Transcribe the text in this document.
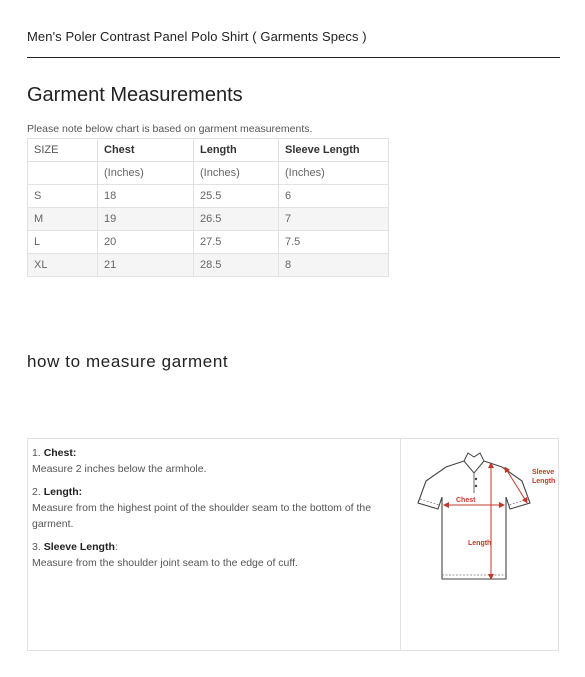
Men's Poler Contrast Panel Polo Shirt ( Garments Specs )
Garment Measurements
Please note below chart is based on garment measurements.
SIZE	Chest	Length	Sleeve Length
	(Inches)	(Inches)	(Inches)
S	18	25.5	6
M	19	26.5	7
L	20	27.5	7.5
XL	21	28.5	8
how to measure garment
1. Chest:
Measure 2 inches below the armhole.
2. Length:
Measure from the highest point of the shoulder seam to the bottom of the garment.
3. Sleeve Length:
Measure from the shoulder joint seam to the edge of cuff.
Chest
Length
Sleeve
Length
